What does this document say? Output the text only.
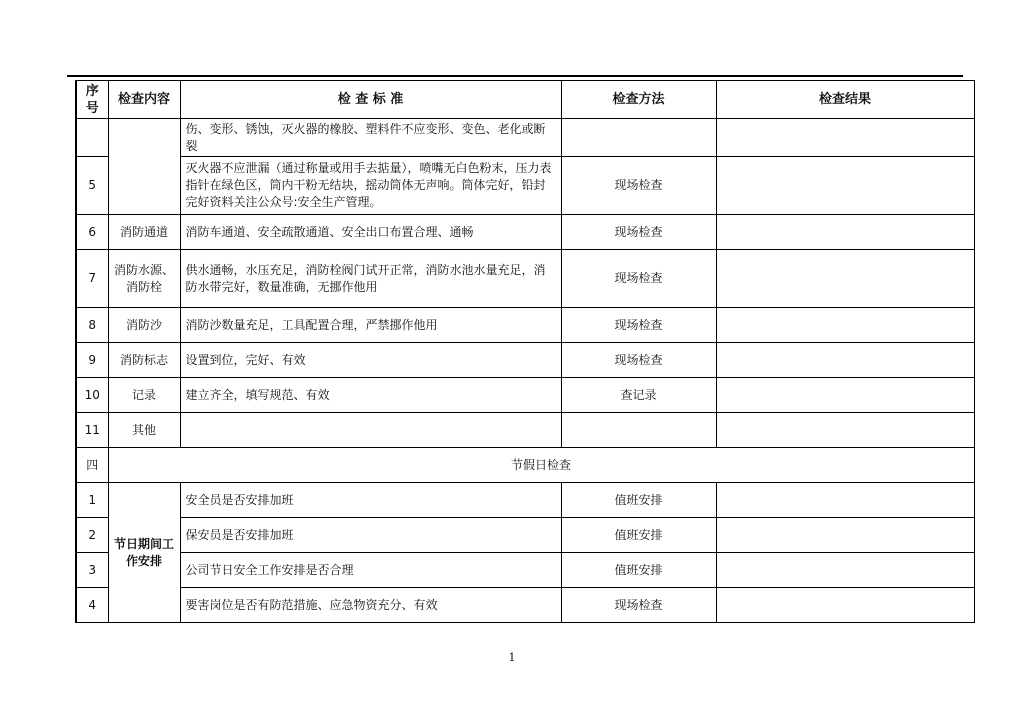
序号	检查内容	检 查 标 准	检查方法	检查结果
		伤、变形、锈蚀，灭火器的橡胶、塑料件不应变形、变色、老化或断裂		
5		灭火器不应泄漏（通过称量或用手去掂量），喷嘴无白色粉末，压力表指针在绿色区，筒内干粉无结块，摇动筒体无声响。筒体完好，铅封完好资料关注公众号:安全生产管理。	现场检查	
6	消防通道	消防车通道、安全疏散通道、安全出口布置合理、通畅	现场检查	
7	消防水源、消防栓	供水通畅，水压充足，消防栓阀门试开正常，消防水池水量充足，消防水带完好，数量准确，无挪作他用	现场检查	
8	消防沙	消防沙数量充足，工具配置合理，严禁挪作他用	现场检查	
9	消防标志	设置到位，完好、有效	现场检查	
10	记录	建立齐全，填写规范、有效	查记录	
11	其他			
四	节假日检查			
1	节日期间工作安排	安全员是否安排加班	值班安排	
2		保安员是否安排加班	值班安排	
3		公司节日安全工作安排是否合理	值班安排	
4		要害岗位是否有防范措施、应急物资充分、有效	现场检查	
1
